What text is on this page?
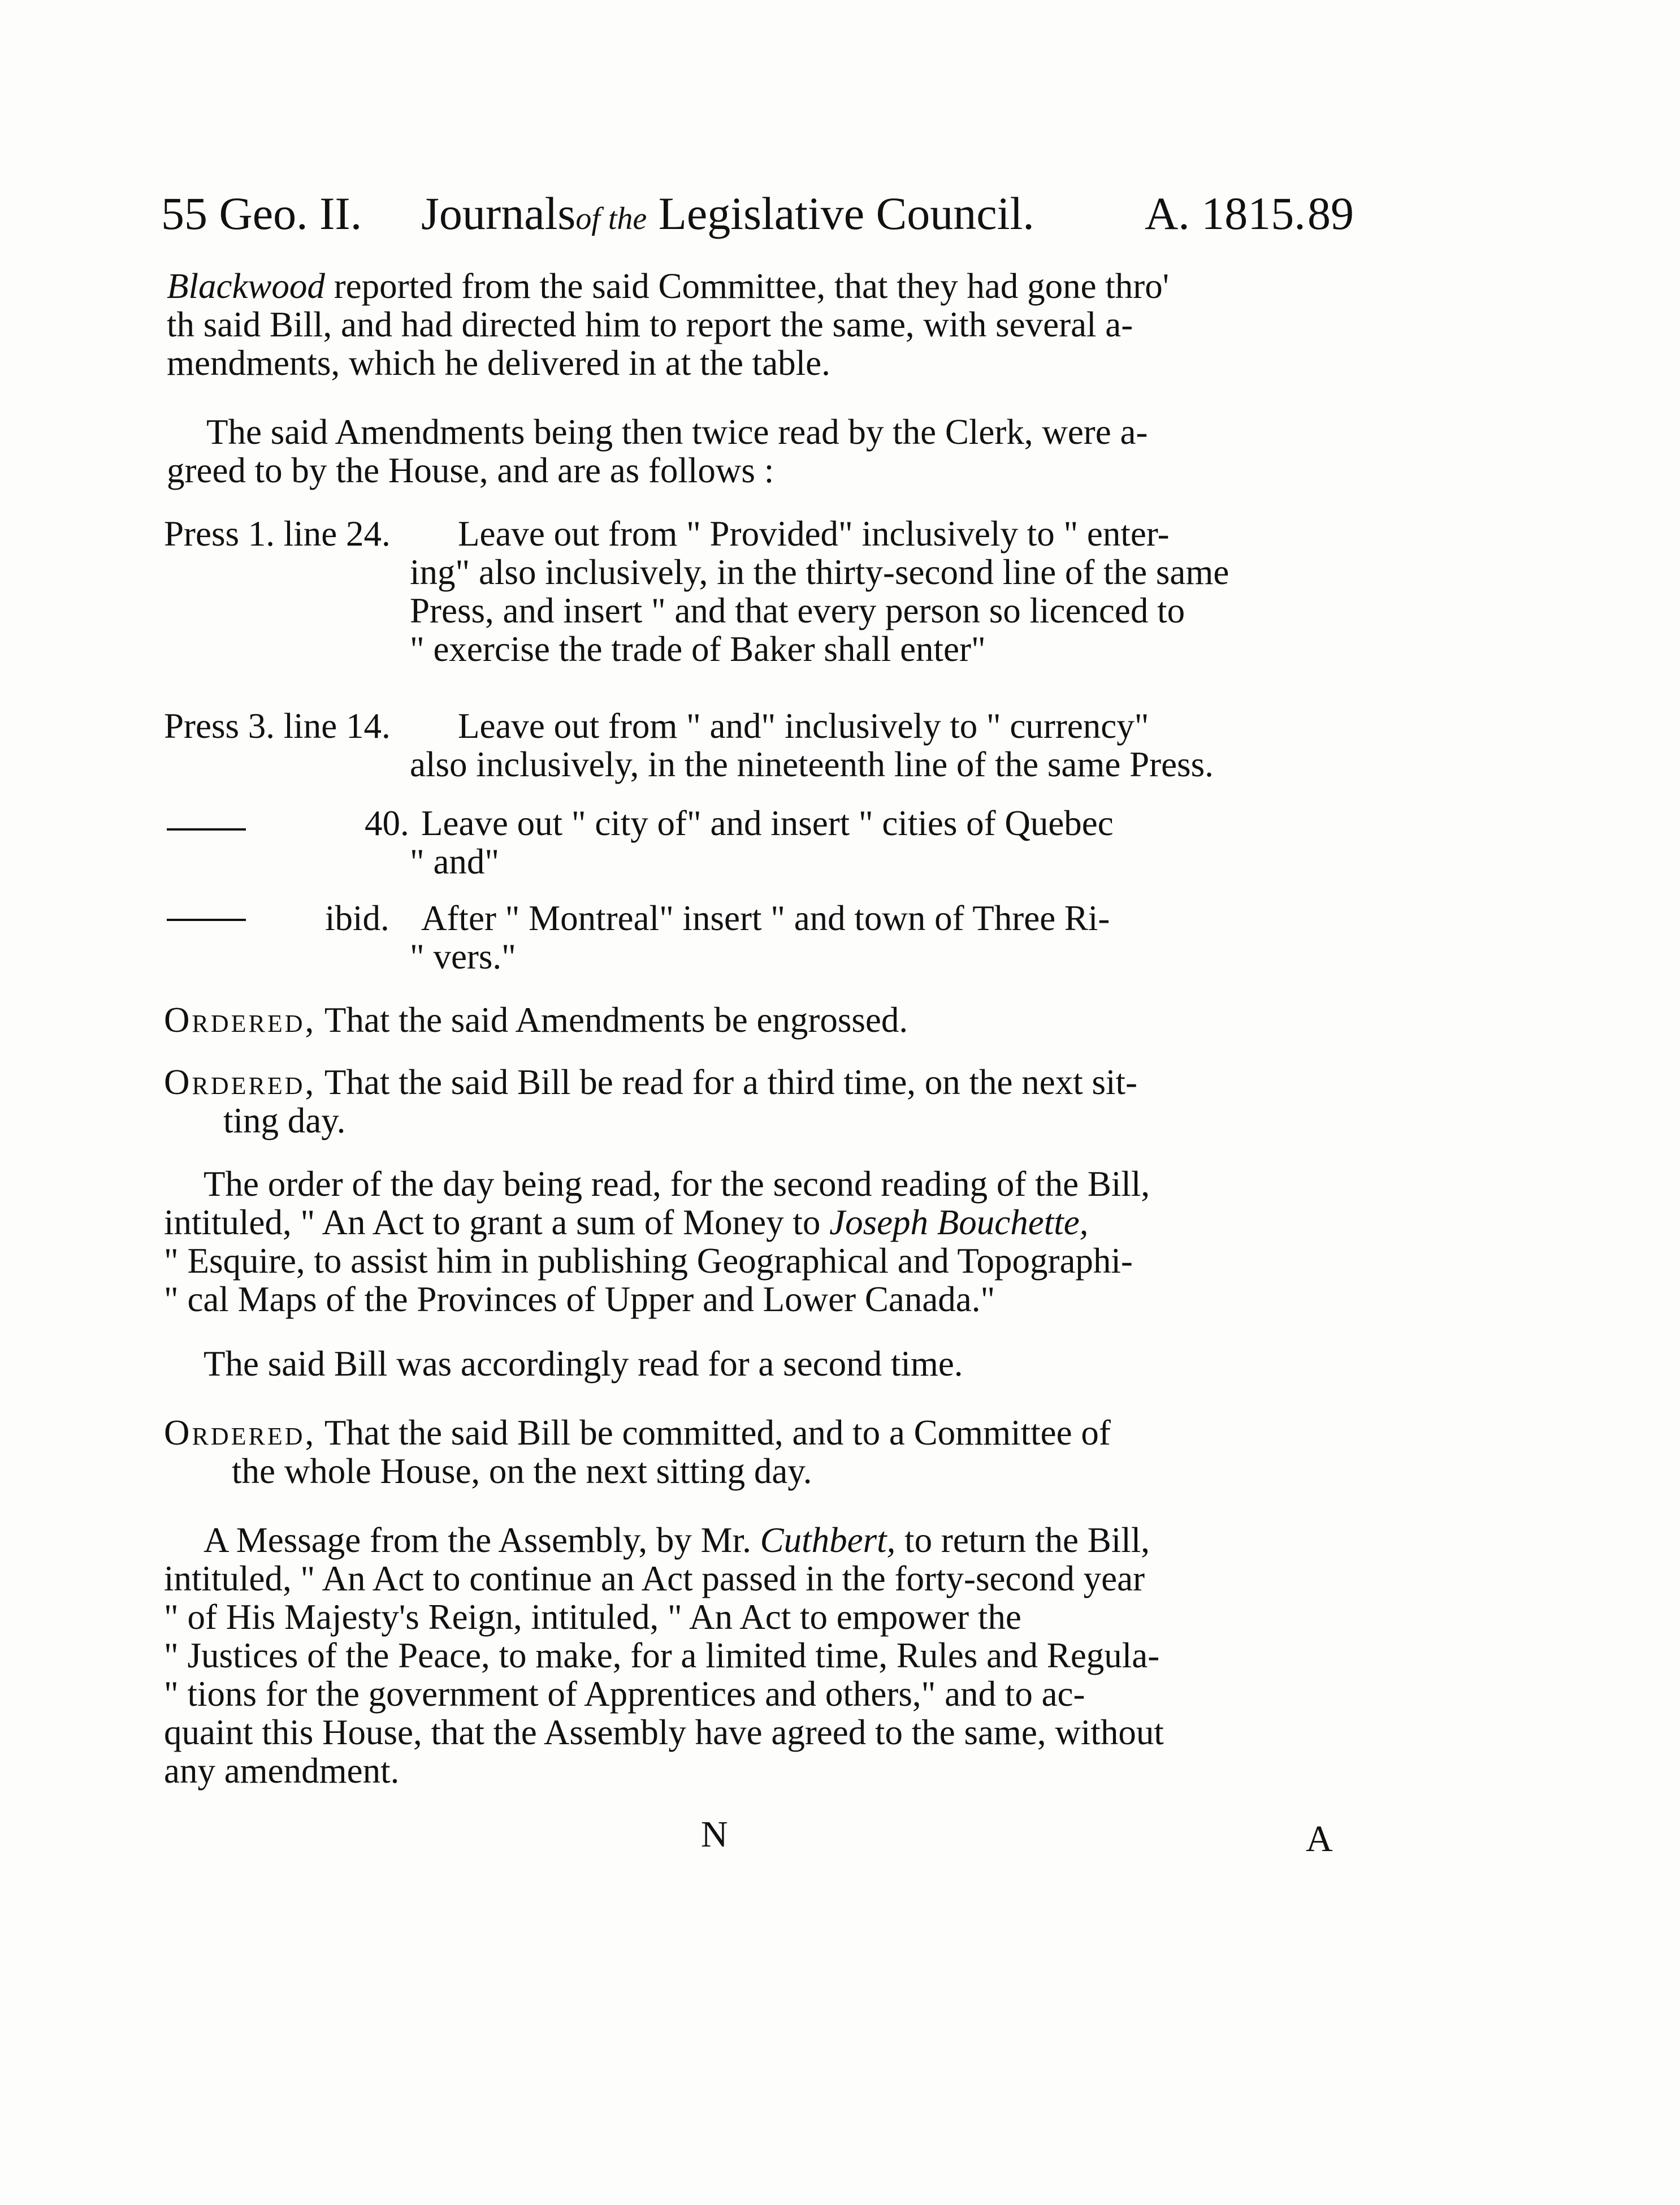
55 Geo. II. Journalsof the Legislative Council. A. 1815. 89
Blackwood reported from the said Committee, that they had gone thro'
th said Bill, and had directed him to report the same, with several a-
mendments, which he delivered in at the table.
The said Amendments being then twice read by the Clerk, were a-
greed to by the House, and are as follows :
Press 1. line 24. Leave out from " Provided" inclusively to " enter-
ing" also inclusively, in the thirty-second line of the same
Press, and insert " and that every person so licenced to
" exercise the trade of Baker shall enter"
Press 3. line 14. Leave out from " and" inclusively to " currency"
also inclusively, in the nineteenth line of the same Press.
40. Leave out " city of" and insert " cities of Quebec
" and"
ibid. After " Montreal" insert " and town of Three Ri-
" vers."
Ordered, That the said Amendments be engrossed.
Ordered, That the said Bill be read for a third time, on the next sit-
ting day.
The order of the day being read, for the second reading of the Bill,
intituled, " An Act to grant a sum of Money to Joseph Bouchette,
" Esquire, to assist him in publishing Geographical and Topographi-
" cal Maps of the Provinces of Upper and Lower Canada."
The said Bill was accordingly read for a second time.
Ordered, That the said Bill be committed, and to a Committee of
the whole House, on the next sitting day.
A Message from the Assembly, by Mr. Cuthbert, to return the Bill,
intituled, " An Act to continue an Act passed in the forty-second year
" of His Majesty's Reign, intituled, " An Act to empower the
" Justices of the Peace, to make, for a limited time, Rules and Regula-
" tions for the government of Apprentices and others," and to ac-
quaint this House, that the Assembly have agreed to the same, without
any amendment.
N	A
